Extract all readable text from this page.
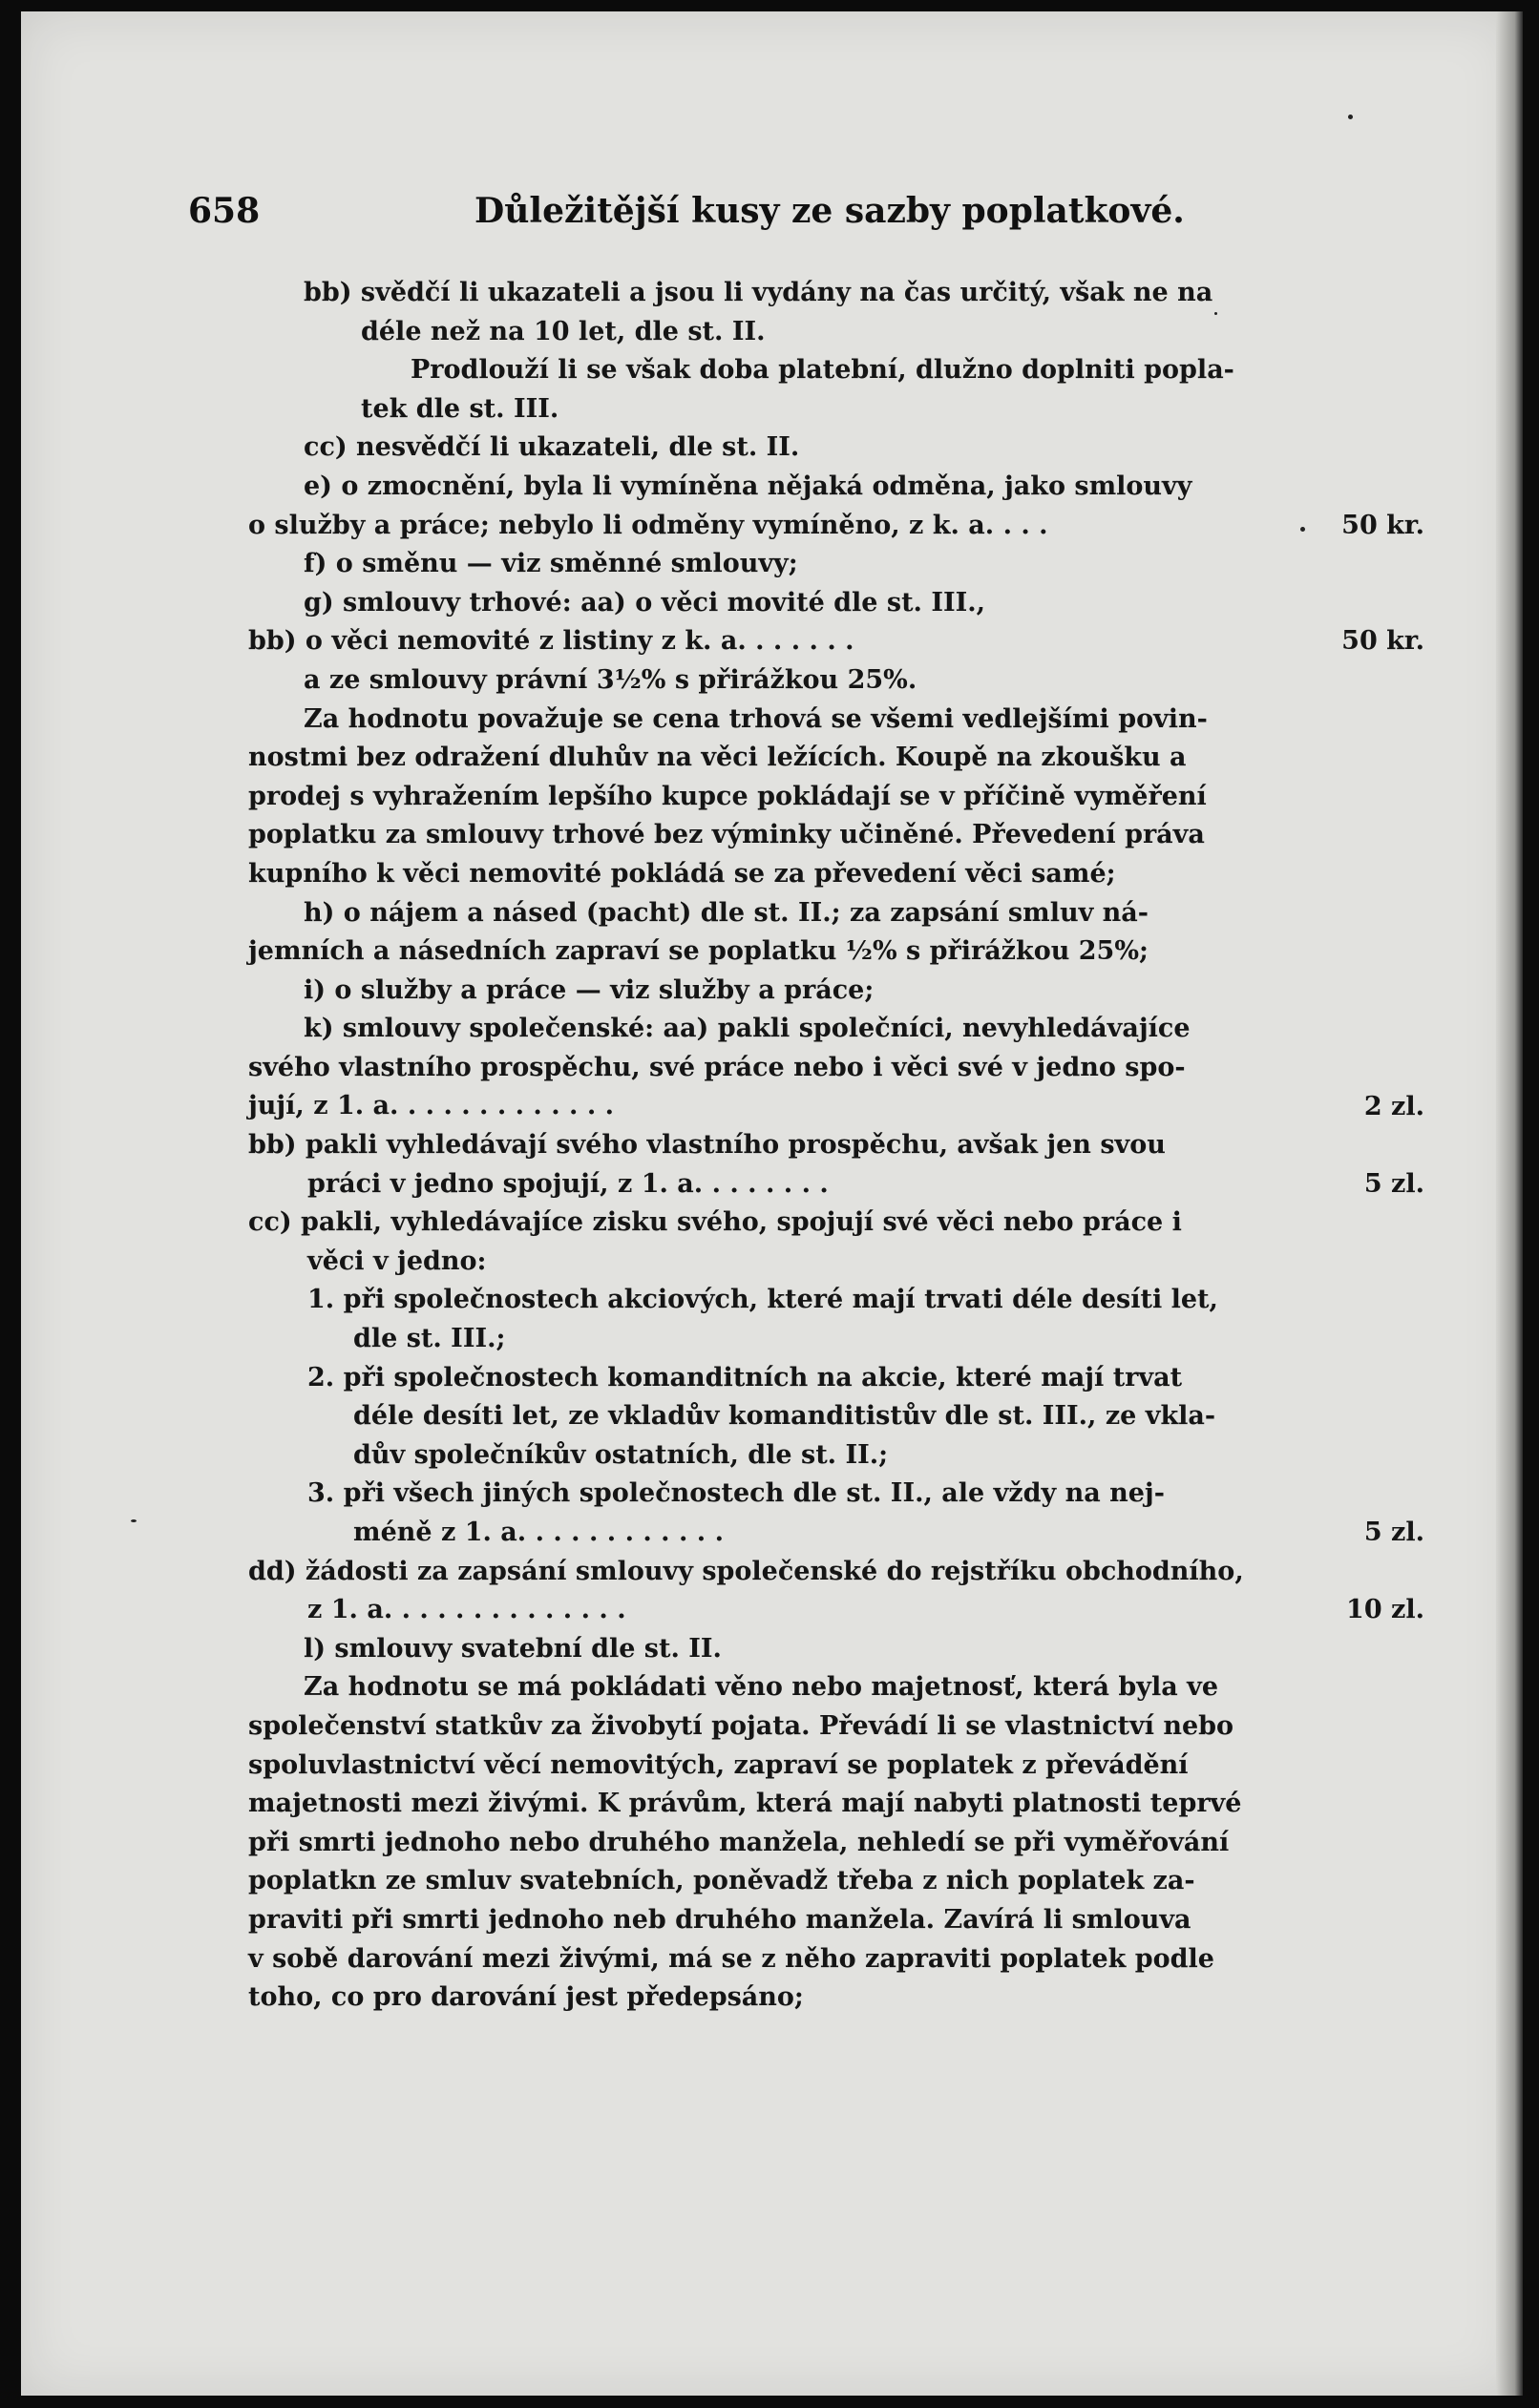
658	Důležitější kusy ze sazby poplatkové.
bb) svědčí li ukazateli a jsou li vydány na čas určitý, však ne na
déle než na 10 let, dle st. II.
Prodlouží li se však doba platební, dlužno doplniti popla-
tek dle st. III.
cc) nesvědčí li ukazateli, dle st. II.
e) o zmocnění, byla li vymíněna nějaká odměna, jako smlouvy
o služby a práce; nebylo li odměny vymíněno, z k. a. . . .
f) o směnu — viz směnné smlouvy;
g) smlouvy trhové: aa) o věci movité dle st. III.,
bb) o věci nemovité z listiny z k. a. . . . . . .
a ze smlouvy právní 3½% s přirážkou 25%.
Za hodnotu považuje se cena trhová se všemi vedlejšími povin-
nostmi bez odražení dluhův na věci ležících. Koupě na zkoušku a
prodej s vyhražením lepšího kupce pokládají se v příčině vyměření
poplatku za smlouvy trhové bez výminky učiněné. Převedení práva
kupního k věci nemovité pokládá se za převedení věci samé;
h) o nájem a násed (pacht) dle st. II.; za zapsání smluv ná-
jemních a násedních zapraví se poplatku ½% s přirážkou 25%;
i) o služby a práce — viz služby a práce;
k) smlouvy společenské: aa) pakli společníci, nevyhledávajíce
svého vlastního prospěchu, své práce nebo i věci své v jedno spo-
jují, z 1. a. . . . . . . . . . . . .
bb) pakli vyhledávají svého vlastního prospěchu, avšak jen svou
práci v jedno spojují, z 1. a. . . . . . . .
cc) pakli, vyhledávajíce zisku svého, spojují své věci nebo práce i
věci v jedno:
1. při společnostech akciových, které mají trvati déle desíti let,
dle st. III.;
2. při společnostech komanditních na akcie, které mají trvat
déle desíti let, ze vkladův komanditistův dle st. III., ze vkla-
dův společníkův ostatních, dle st. II.;
3. při všech jiných společnostech dle st. II., ale vždy na nej-
méně z 1. a. . . . . . . . . . . .
dd) žádosti za zapsání smlouvy společenské do rejstříku obchodního,
z 1. a. . . . . . . . . . . . . .
l) smlouvy svatební dle st. II.
Za hodnotu se má pokládati věno nebo majetnosť, která byla ve
společenství statkův za živobytí pojata. Převádí li se vlastnictví nebo
spoluvlastnictví věcí nemovitých, zapraví se poplatek z převádění
majetnosti mezi živými. K právům, která mají nabyti platnosti teprvé
při smrti jednoho nebo druhého manžela, nehledí se při vyměřování
poplatkn ze smluv svatebních, poněvadž třeba z nich poplatek za-
praviti při smrti jednoho neb druhého manžela. Zavírá li smlouva
v sobě darování mezi živými, má se z něho zapraviti poplatek podle
toho, co pro darování jest předepsáno;
50 kr.
50 kr.
2 zl.
5 zl.
5 zl.
10 zl.
